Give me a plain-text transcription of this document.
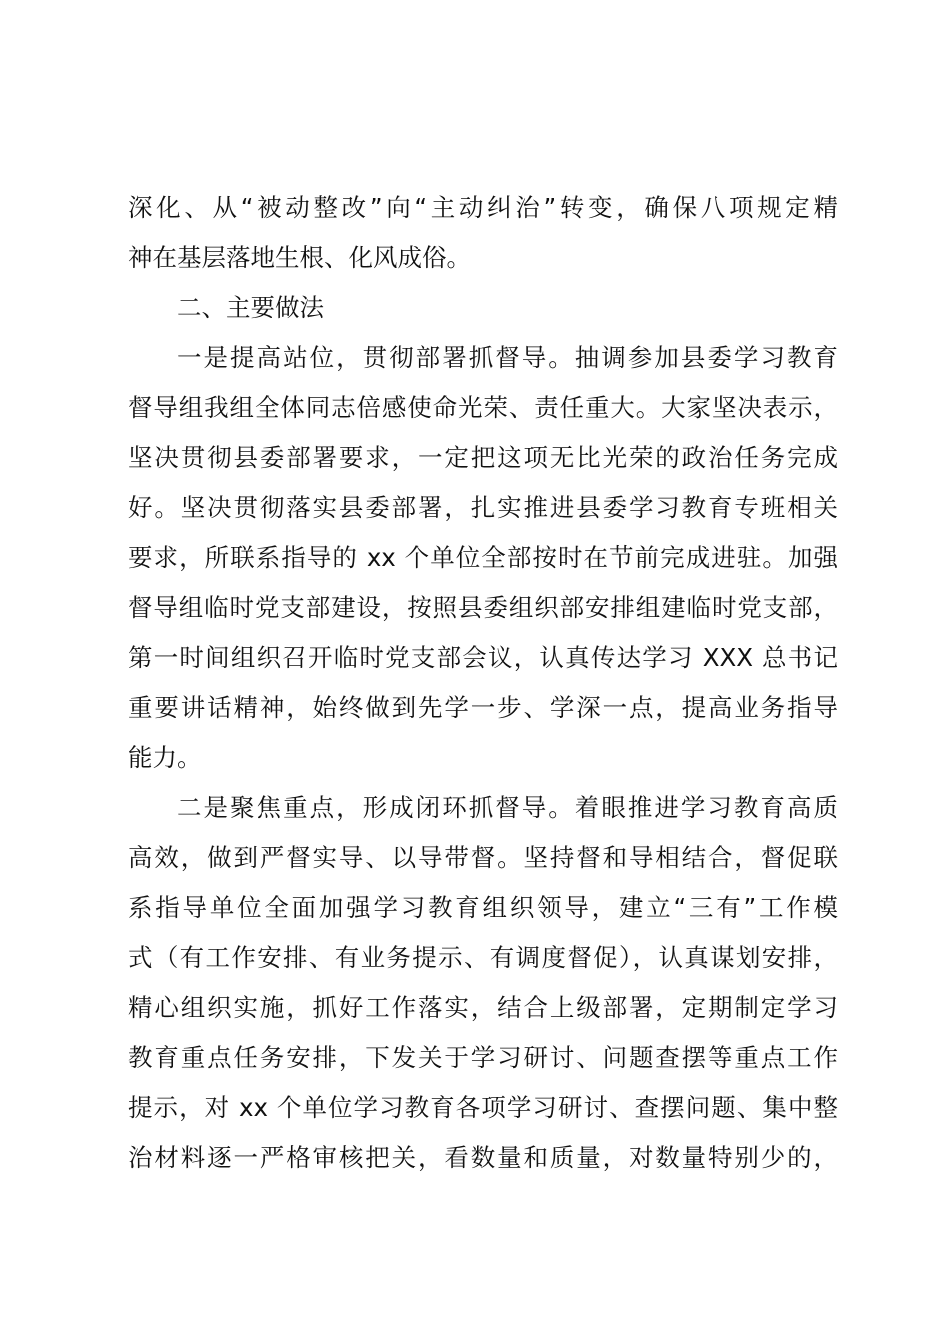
深化、从“被动整改”向“主动纠治”转变，确保八项规定精
神在基层落地生根、化风成俗。
二、主要做法
一是提高站位，贯彻部署抓督导。抽调参加县委学习教育
督导组我组全体同志倍感使命光荣、责任重大。大家坚决表示，
坚决贯彻县委部署要求，一定把这项无比光荣的政治任务完成
好。坚决贯彻落实县委部署，扎实推进县委学习教育专班相关
要求，所联系指导的 xx 个单位全部按时在节前完成进驻。加强
督导组临时党支部建设，按照县委组织部安排组建临时党支部，
第一时间组织召开临时党支部会议，认真传达学习 XXX 总书记
重要讲话精神，始终做到先学一步、学深一点，提高业务指导
能力。
二是聚焦重点，形成闭环抓督导。着眼推进学习教育高质
高效，做到严督实导、以导带督。坚持督和导相结合，督促联
系指导单位全面加强学习教育组织领导，建立“三有”工作模
式（有工作安排、有业务提示、有调度督促），认真谋划安排，
精心组织实施，抓好工作落实，结合上级部署，定期制定学习
教育重点任务安排，下发关于学习研讨、问题查摆等重点工作
提示，对 xx 个单位学习教育各项学习研讨、查摆问题、集中整
治材料逐一严格审核把关，看数量和质量，对数量特别少的，
